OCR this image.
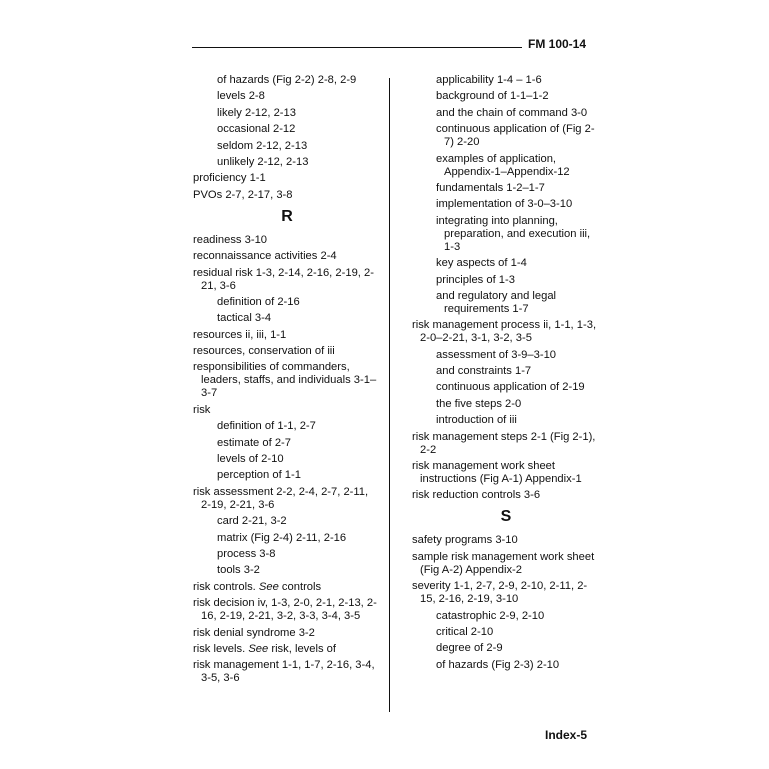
FM 100-14
of hazards (Fig 2-2) 2-8, 2-9
levels 2-8
likely 2-12, 2-13
occasional 2-12
seldom 2-12, 2-13
unlikely 2-12, 2-13
proficiency 1-1
PVOs 2-7, 2-17, 3-8
R
readiness 3-10
reconnaissance activities 2-4
residual risk 1-3, 2-14, 2-16, 2-19, 2-21, 3-6
definition of 2-16
tactical 3-4
resources ii, iii, 1-1
resources, conservation of iii
responsibilities of commanders, leaders, staffs, and individuals 3-1–3-7
risk
definition of 1-1, 2-7
estimate of 2-7
levels of 2-10
perception of 1-1
risk assessment 2-2, 2-4, 2-7, 2-11, 2-19, 2-21, 3-6
card 2-21, 3-2
matrix (Fig 2-4) 2-11, 2-16
process 3-8
tools 3-2
risk controls. See controls
risk decision iv, 1-3, 2-0, 2-1, 2-13, 2-16, 2-19, 2-21, 3-2, 3-3, 3-4, 3-5
risk denial syndrome 3-2
risk levels. See risk, levels of
risk management 1-1, 1-7, 2-16, 3-4, 3-5, 3-6
applicability 1-4 – 1-6
background of 1-1–1-2
and the chain of command 3-0
continuous application of (Fig 2-7) 2-20
examples of application, Appendix-1–Appendix-12
fundamentals 1-2–1-7
implementation of 3-0–3-10
integrating into planning, preparation, and execution iii, 1-3
key aspects of 1-4
principles of 1-3
and regulatory and legal requirements 1-7
risk management process ii, 1-1, 1-3, 2-0–2-21, 3-1, 3-2, 3-5
assessment of 3-9–3-10
and constraints 1-7
continuous application of 2-19
the five steps 2-0
introduction of iii
risk management steps 2-1 (Fig 2-1), 2-2
risk management work sheet instructions (Fig A-1) Appendix-1
risk reduction controls 3-6
S
safety programs 3-10
sample risk management work sheet (Fig A-2) Appendix-2
severity 1-1, 2-7, 2-9, 2-10, 2-11, 2-15, 2-16, 2-19, 3-10
catastrophic 2-9, 2-10
critical 2-10
degree of 2-9
of hazards (Fig 2-3) 2-10
Index-5
